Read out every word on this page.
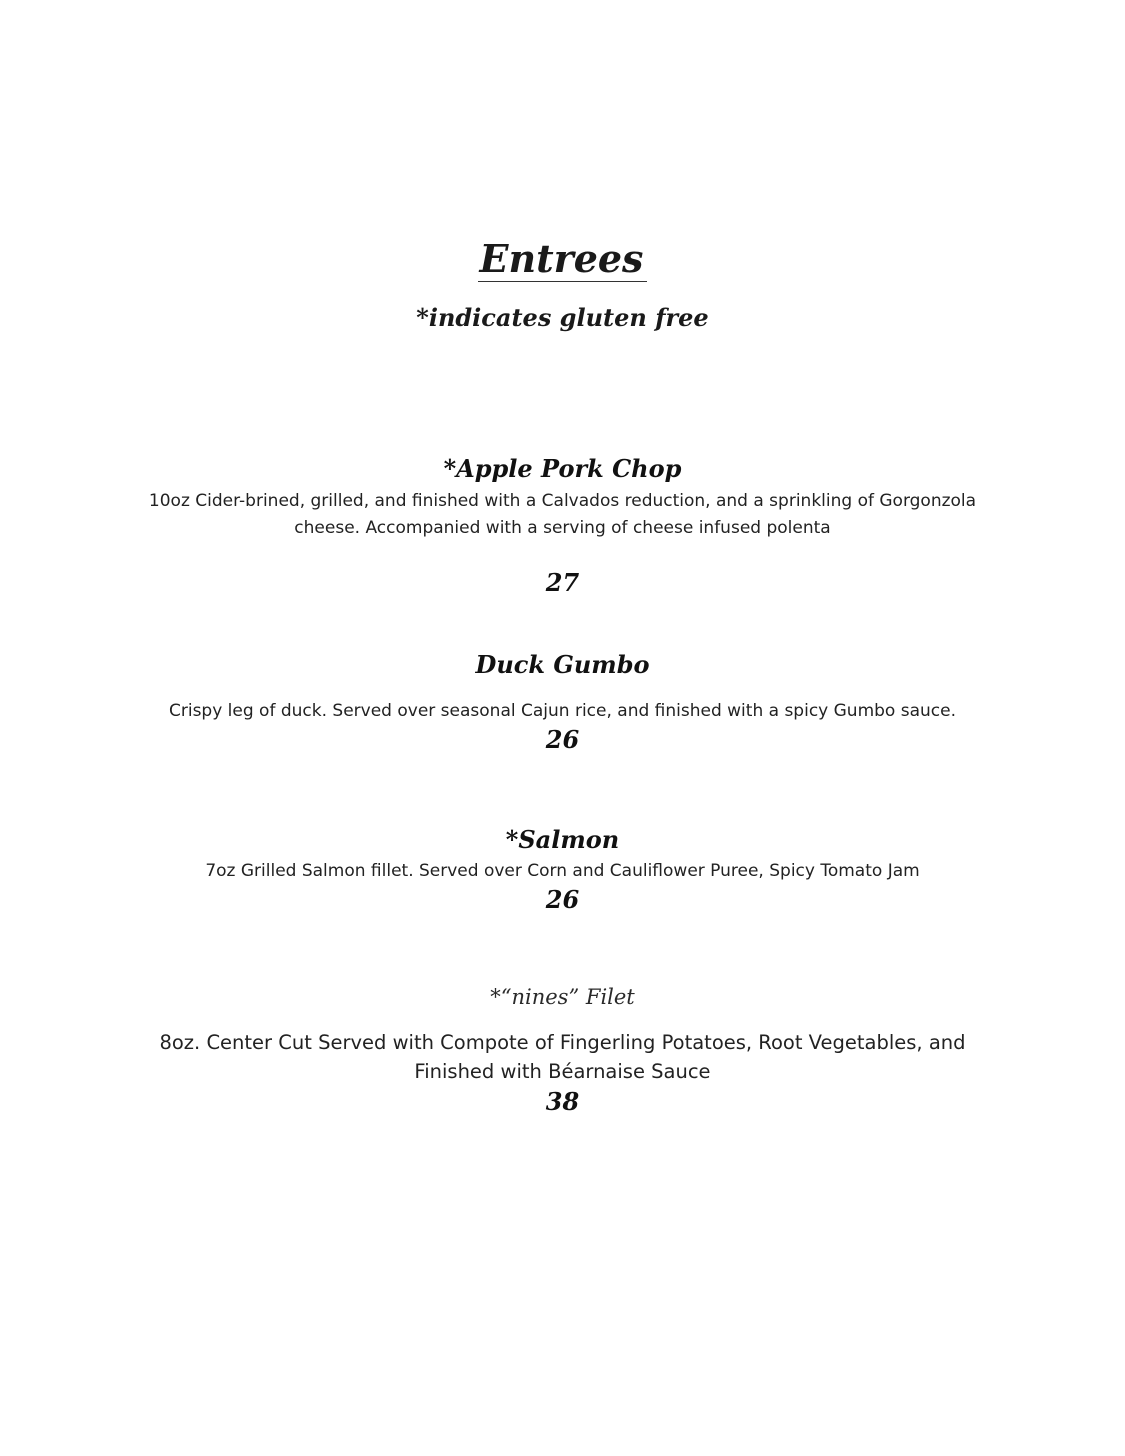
Entrees

*indicates gluten free

*Apple Pork Chop

10oz Cider-brined, grilled, and finished with a Calvados reduction, and a sprinkling of Gorgonzola

cheese. Accompanied with a serving of cheese infused polenta

27

Duck Gumbo

Crispy leg of duck. Served over seasonal Cajun rice, and finished with a spicy Gumbo sauce.

26

*Salmon

7oz Grilled Salmon fillet. Served over Corn and Cauliflower Puree, Spicy Tomato Jam

26

*“nines” Filet

8oz. Center Cut Served with Compote of Fingerling Potatoes, Root Vegetables, and

Finished with Béarnaise Sauce

38
